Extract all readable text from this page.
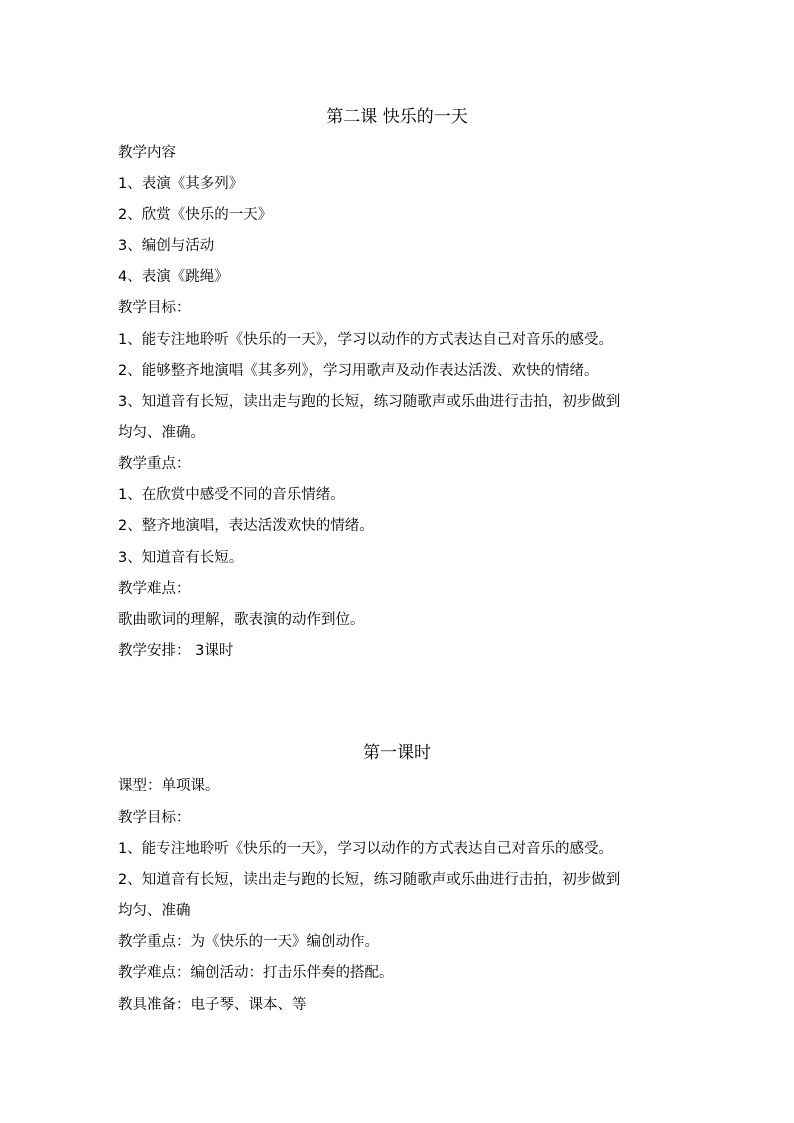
第二课 快乐的一天
教学内容
1、表演《其多列》
2、欣赏《快乐的一天》
3、编创与活动
4、表演《跳绳》
教学目标：
1、能专注地聆听《快乐的一天》，学习以动作的方式表达自己对音乐的感受。
2、能够整齐地演唱《其多列》，学习用歌声及动作表达活泼、欢快的情绪。
3、知道音有长短，读出走与跑的长短，练习随歌声或乐曲进行击拍，初步做到
均匀、准确。
教学重点：
1、在欣赏中感受不同的音乐情绪。
2、整齐地演唱，表达活泼欢快的情绪。
3、知道音有长短。
教学难点：
歌曲歌词的理解，歌表演的动作到位。
教学安排： 3课时
第一课时
课型：单项课。
教学目标：
1、能专注地聆听《快乐的一天》，学习以动作的方式表达自己对音乐的感受。
2、知道音有长短，读出走与跑的长短，练习随歌声或乐曲进行击拍，初步做到
均匀、准确
教学重点：为《快乐的一天》编创动作。
教学难点：编创活动：打击乐伴奏的搭配。
教具准备：电子琴、课本、等
